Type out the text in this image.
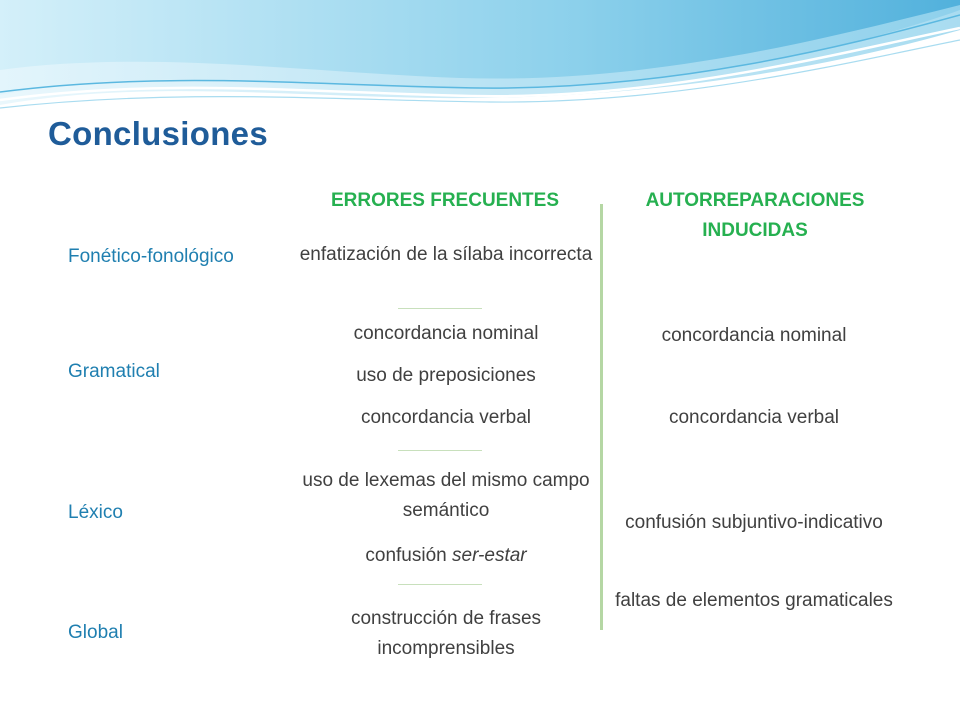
Conclusiones
ERRORES FRECUENTES	AUTORREPARACIONES INDUCIDAS
Fonético-fonológico
Gramatical
Léxico
Global
enfatización de la sílaba incorrecta
concordancia nominal
uso de preposiciones
concordancia verbal
uso de lexemas del mismo campo semántico
confusión ser-estar
construcción de frases incomprensibles
concordancia nominal
concordancia verbal
confusión subjuntivo-indicativo
faltas de elementos gramaticales
